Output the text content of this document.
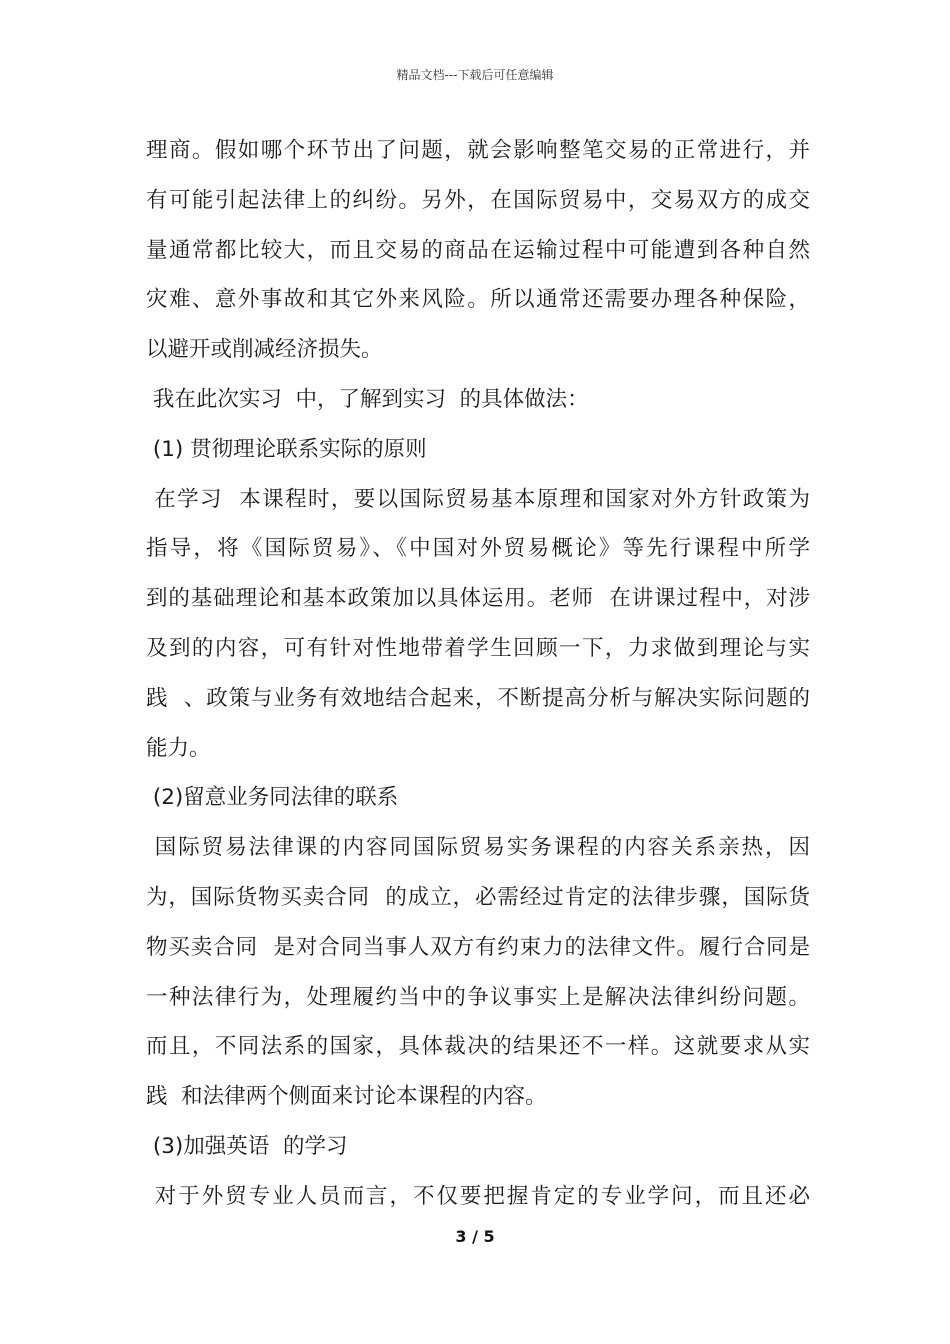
精品文档---下载后可任意编辑
理商。假如哪个环节出了问题，就会影响整笔交易的正常进行，并
有可能引起法律上的纠纷。另外，在国际贸易中，交易双方的成交
量通常都比较大，而且交易的商品在运输过程中可能遭到各种自然
灾难、意外事故和其它外来风险。所以通常还需要办理各种保险，
以避开或削减经济损失。
我在此次实习  中，了解到实习  的具体做法：
(1) 贯彻理论联系实际的原则
在学习  本课程时，要以国际贸易基本原理和国家对外方针政策为
指导，将《国际贸易》、《中国对外贸易概论》等先行课程中所学
到的基础理论和基本政策加以具体运用。老师  在讲课过程中，对涉
及到的内容，可有针对性地带着学生回顾一下，力求做到理论与实
践  、政策与业务有效地结合起来，不断提高分析与解决实际问题的
能力。
(2)留意业务同法律的联系
国际贸易法律课的内容同国际贸易实务课程的内容关系亲热，因
为，国际货物买卖合同  的成立，必需经过肯定的法律步骤，国际货
物买卖合同  是对合同当事人双方有约束力的法律文件。履行合同是
一种法律行为，处理履约当中的争议事实上是解决法律纠纷问题。
而且，不同法系的国家，具体裁决的结果还不一样。这就要求从实
践  和法律两个侧面来讨论本课程的内容。
(3)加强英语  的学习
对于外贸专业人员而言，不仅要把握肯定的专业学问，而且还必
3 / 5
